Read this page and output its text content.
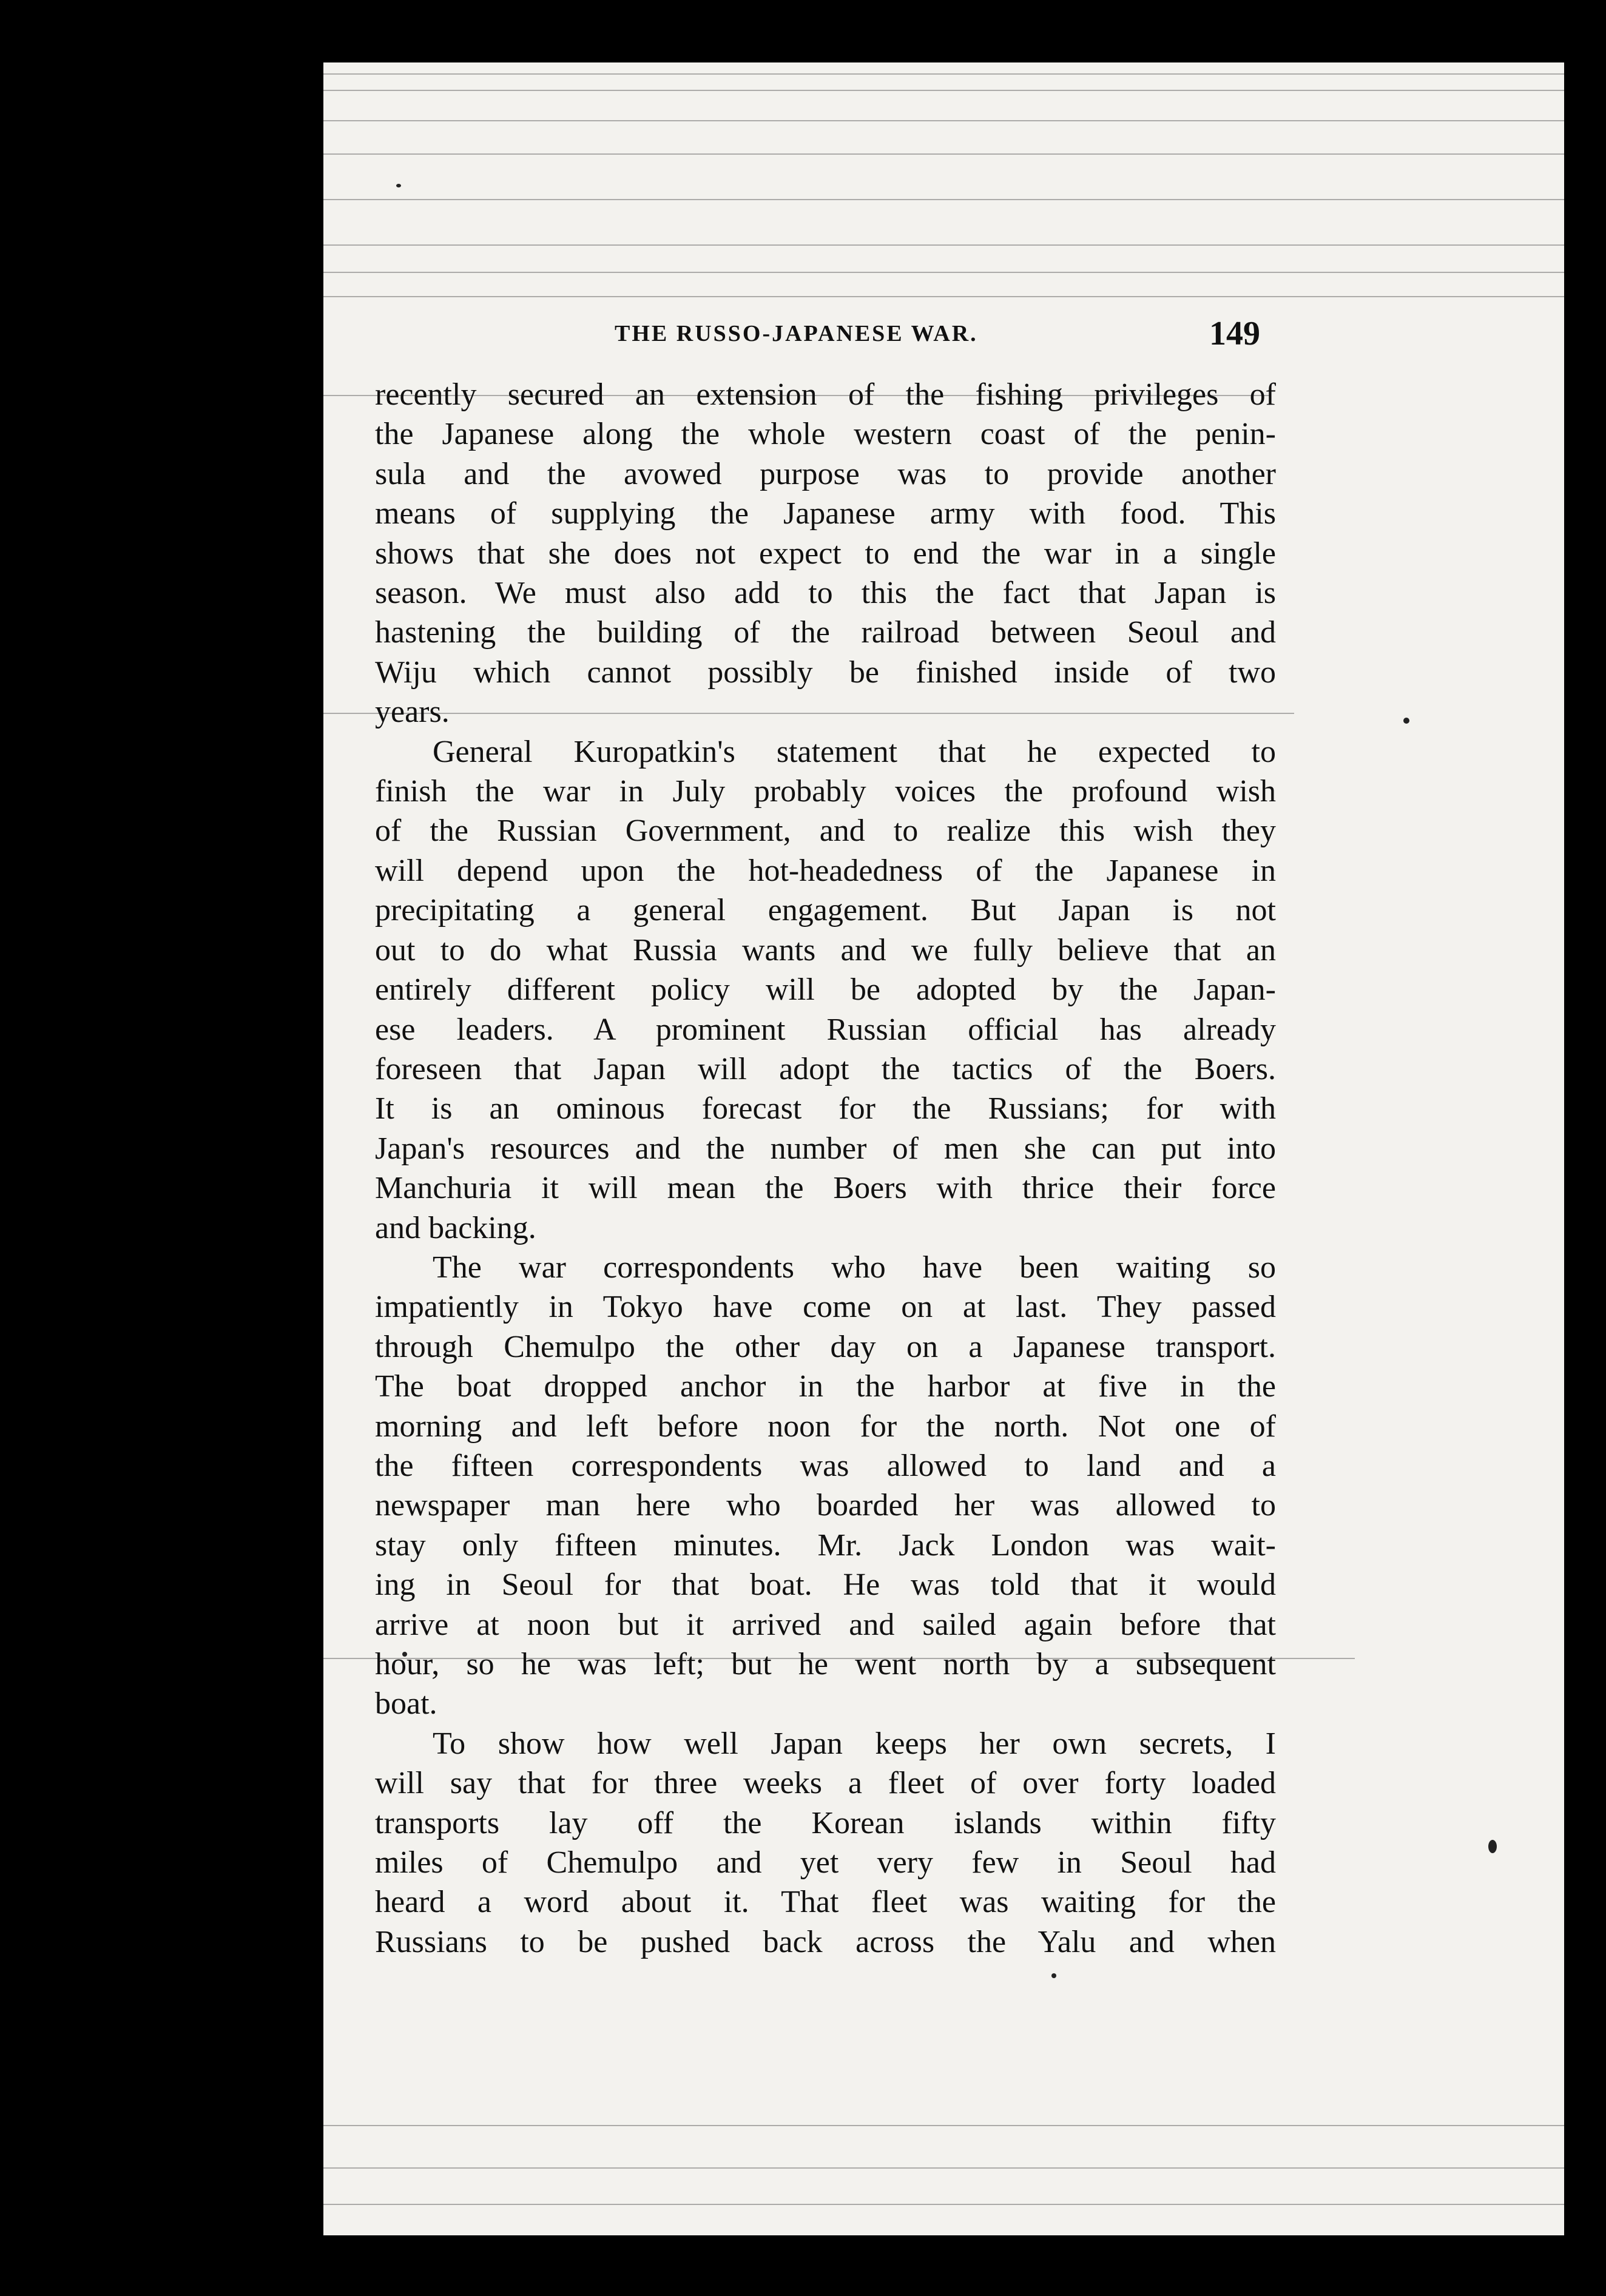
THE RUSSO-JAPANESE WAR.	149
recently secured an extension of the fishing privileges of
the Japanese along the whole western coast of the penin-
sula and the avowed purpose was to provide another
means of supplying the Japanese army with food. This
shows that she does not expect to end the war in a single
season. We must also add to this the fact that Japan is
hastening the building of the railroad between Seoul and
Wiju which cannot possibly be finished inside of two
years.
General Kuropatkin's statement that he expected to
finish the war in July probably voices the profound wish
of the Russian Government, and to realize this wish they
will depend upon the hot-headedness of the Japanese in
precipitating a general engagement. But Japan is not
out to do what Russia wants and we fully believe that an
entirely different policy will be adopted by the Japan-
ese leaders. A prominent Russian official has already
foreseen that Japan will adopt the tactics of the Boers.
It is an ominous forecast for the Russians; for with
Japan's resources and the number of men she can put into
Manchuria it will mean the Boers with thrice their force
and backing.
The war correspondents who have been waiting so
impatiently in Tokyo have come on at last. They passed
through Chemulpo the other day on a Japanese transport.
The boat dropped anchor in the harbor at five in the
morning and left before noon for the north. Not one of
the fifteen correspondents was allowed to land and a
newspaper man here who boarded her was allowed to
stay only fifteen minutes. Mr. Jack London was wait-
ing in Seoul for that boat. He was told that it would
arrive at noon but it arrived and sailed again before that
hour, so he was left; but he went north by a subsequent
boat.
To show how well Japan keeps her own secrets, I
will say that for three weeks a fleet of over forty loaded
transports lay off the Korean islands within fifty
miles of Chemulpo and yet very few in Seoul had
heard a word about it. That fleet was waiting for the
Russians to be pushed back across the Yalu and when
